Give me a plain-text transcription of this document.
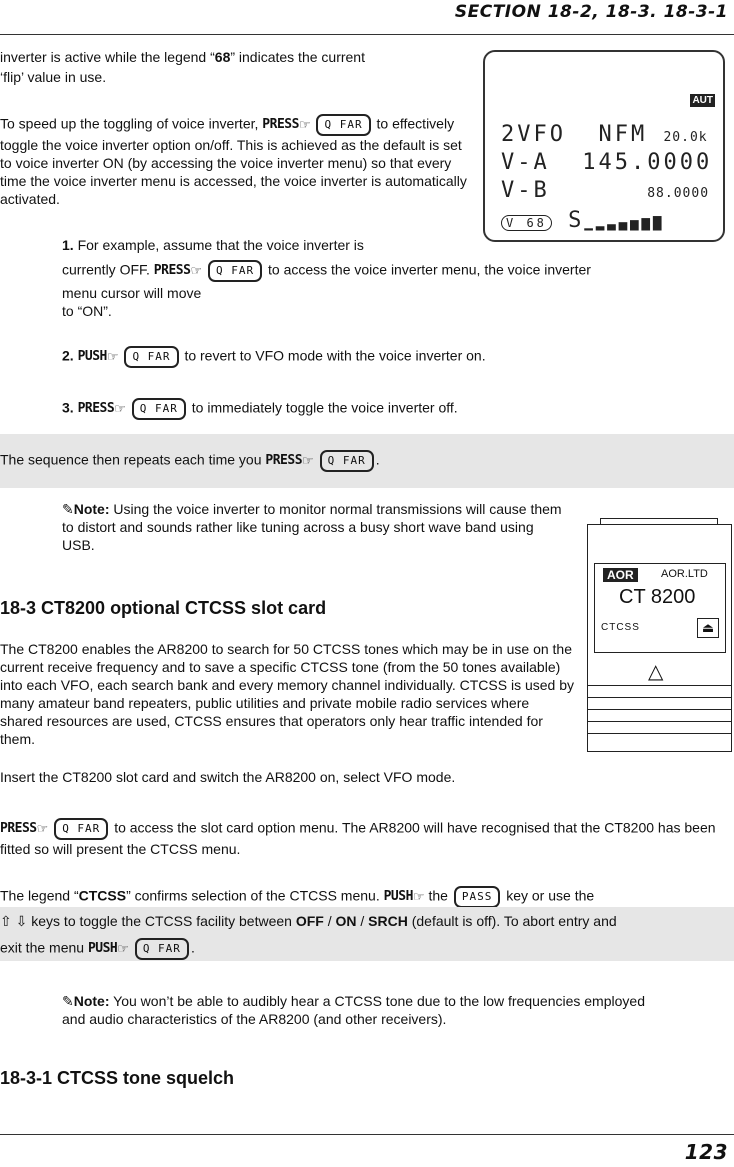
SECTION 18-2, 18-3. 18-3-1
AUT
2VFO  NFM 20.0k
V-A  145.0000
V-B	88.0000
V 68 S▁▂▃▄▅▆▇

inverter is active while the legend “68” indicates the current

‘flip’ value in use.

To speed up the toggling of voice inverter, PRESS☞ Q FAR to effectively toggle the voice inverter option on/off. This is achieved as the default is set to voice inverter ON (by accessing the voice inverter menu) so that every time the voice inverter menu is accessed, the voice inverter is automatically activated.

1. For example, assume that the voice inverter is

currently OFF. PRESS☞ Q FAR to access the voice inverter menu, the voice inverter

menu cursor will move

to “ON”.

2. PUSH☞ Q FAR to revert to VFO mode with the voice inverter on.

3. PRESS☞ Q FAR to immediately toggle the voice inverter off.

The sequence then repeats each time you PRESS☞ Q FAR .

AOR	AOR.LTD
CT 8200
CTCSS	⏏
△

✎Note: Using the voice inverter to monitor normal transmissions will cause them to distort and sounds rather like tuning across a busy short wave band using USB.

18-3 CT8200 optional CTCSS slot card

The CT8200 enables the AR8200 to search for 50 CTCSS tones which may be in use on the current receive frequency and to save a specific CTCSS tone (from the 50 tones available) into each VFO, each search bank and every memory channel individually. CTCSS is used by many amateur band repeaters, public utilities and private mobile radio services where shared resources are used, CTCSS ensures that operators only hear traffic intended for them.

Insert the CT8200 slot card and switch the AR8200 on, select VFO mode.

PRESS☞ Q FAR to access the slot card option menu. The AR8200 will have recognised that the CT8200 has been fitted so will present the CTCSS menu.

The legend “CTCSS” confirms selection of the CTCSS menu. PUSH☞ the PASS key or use the

⇧ ⇩ keys to toggle the CTCSS facility between OFF / ON / SRCH (default is off). To abort entry and

exit the menu PUSH☞ Q FAR .

✎Note: You won’t be able to audibly hear a CTCSS tone due to the low frequencies employed and audio characteristics of the AR8200 (and other receivers).

18-3-1 CTCSS tone squelch
123
